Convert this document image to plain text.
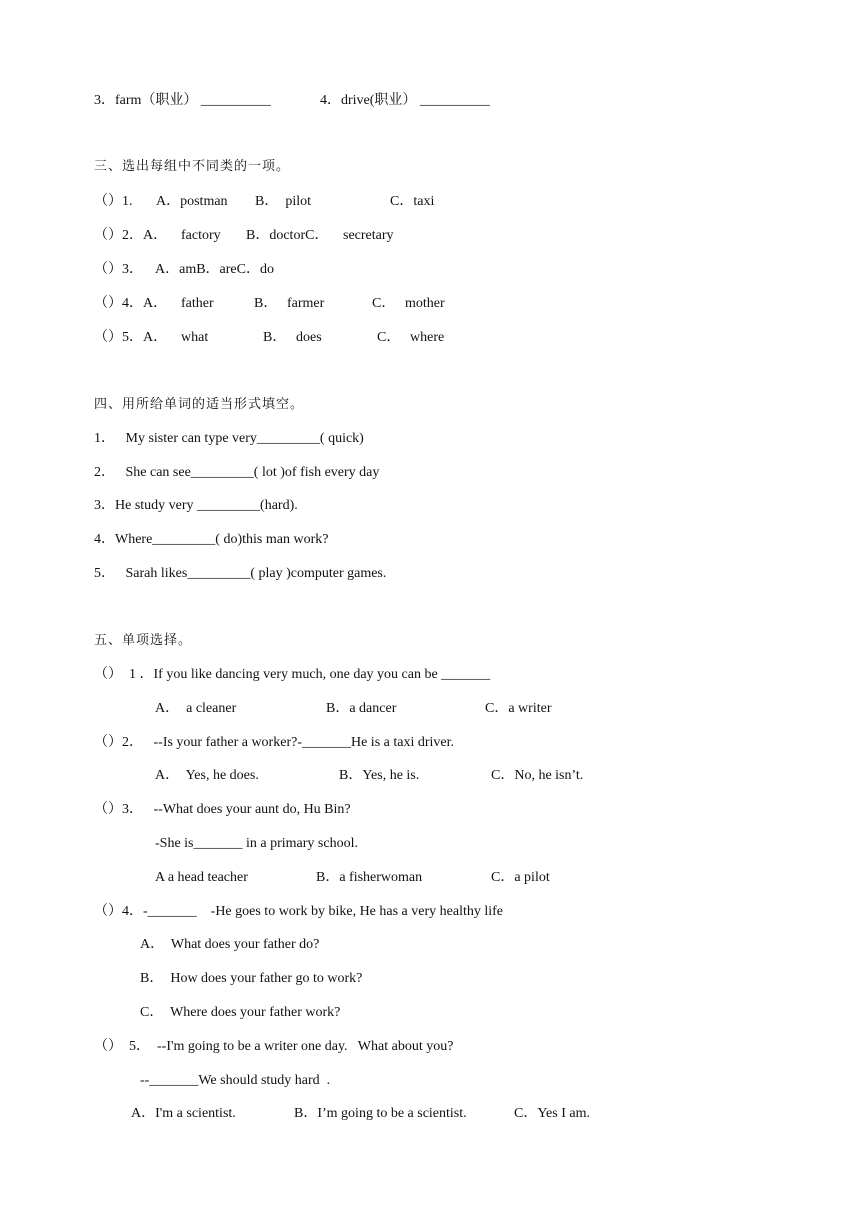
3．farm（职业） __________	4．drive(职业） __________
三、选出每组中不同类的一项。
（）1. A．postman B．  pilot	C．taxi
（）2．A． factory B．doctorC． secretary
（）3． A．amB．areC．do
（）4．A． father	B． farmer	C． mother
（）5．A． what	B． does	C． where
四、用所给单词的适当形式填空。
1．   My sister can type very_________( quick)
2．   She can see_________( lot )of fish every day
3．He study very _________(hard).
4．Where_________( do)this man work?
5．   Sarah likes_________( play )computer games.
五、单项选择。
（）  1 ．If you like dancing very much, one day you can be _______
A．  a cleaner	B．a dancer	C．a writer
（）2．   --Is your father a worker?-_______He is a taxi driver.
A．  Yes, he does.	B．Yes, he is.	C．No, he isn’t.
（）3．   --What does your aunt do, Hu Bin?
-She is_______ in a primary school.
A a head teacher	B．a fisherwoman	C．a pilot
（）4．-_______    -He goes to work by bike, He has a very healthy life
A．  What does your father do?
B．  How does your father go to work?
C．  Where does your father work?
（）  5．  --I'm going to be a writer one day.   What about you?
--_______We should study hard  .
A．I'm a scientist.	B．I’m going to be a scientist.	C．Yes I am.
